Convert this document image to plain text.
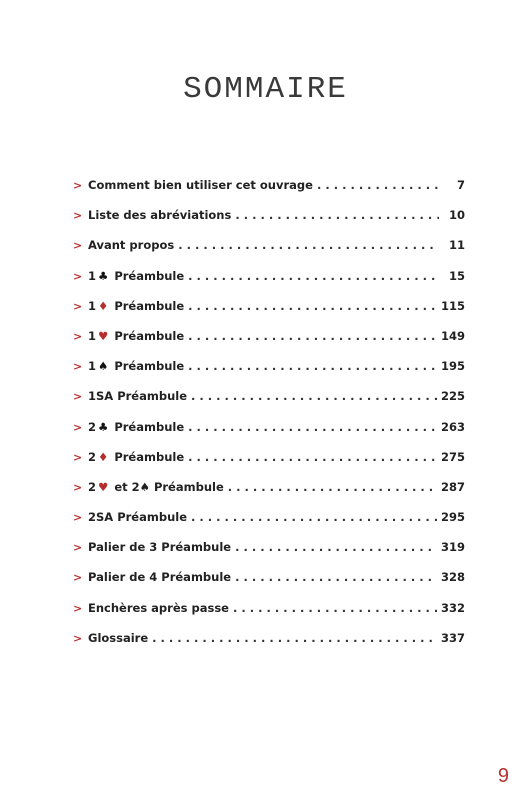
SOMMAIRE
> Comment bien utiliser cet ouvrage . . .	7
> Liste des abréviations . . .	10
> Avant propos . . .	11
> 1 ♣ Préambule . . .	15
> 1 ♦ Préambule . . .	115
> 1 ♥ Préambule . . .	149
> 1 ♠ Préambule . . .	195
> 1SA Préambule . . .	225
> 2 ♣ Préambule . . .	263
> 2 ♦ Préambule . . .	275
> 2 ♥ et 2♠ Préambule . . .	287
> 2SA Préambule . . .	295
> Palier de 3 Préambule . . .	319
> Palier de 4 Préambule . . .	328
> Enchères après passe . . .	332
> Glossaire . . .	337
9
